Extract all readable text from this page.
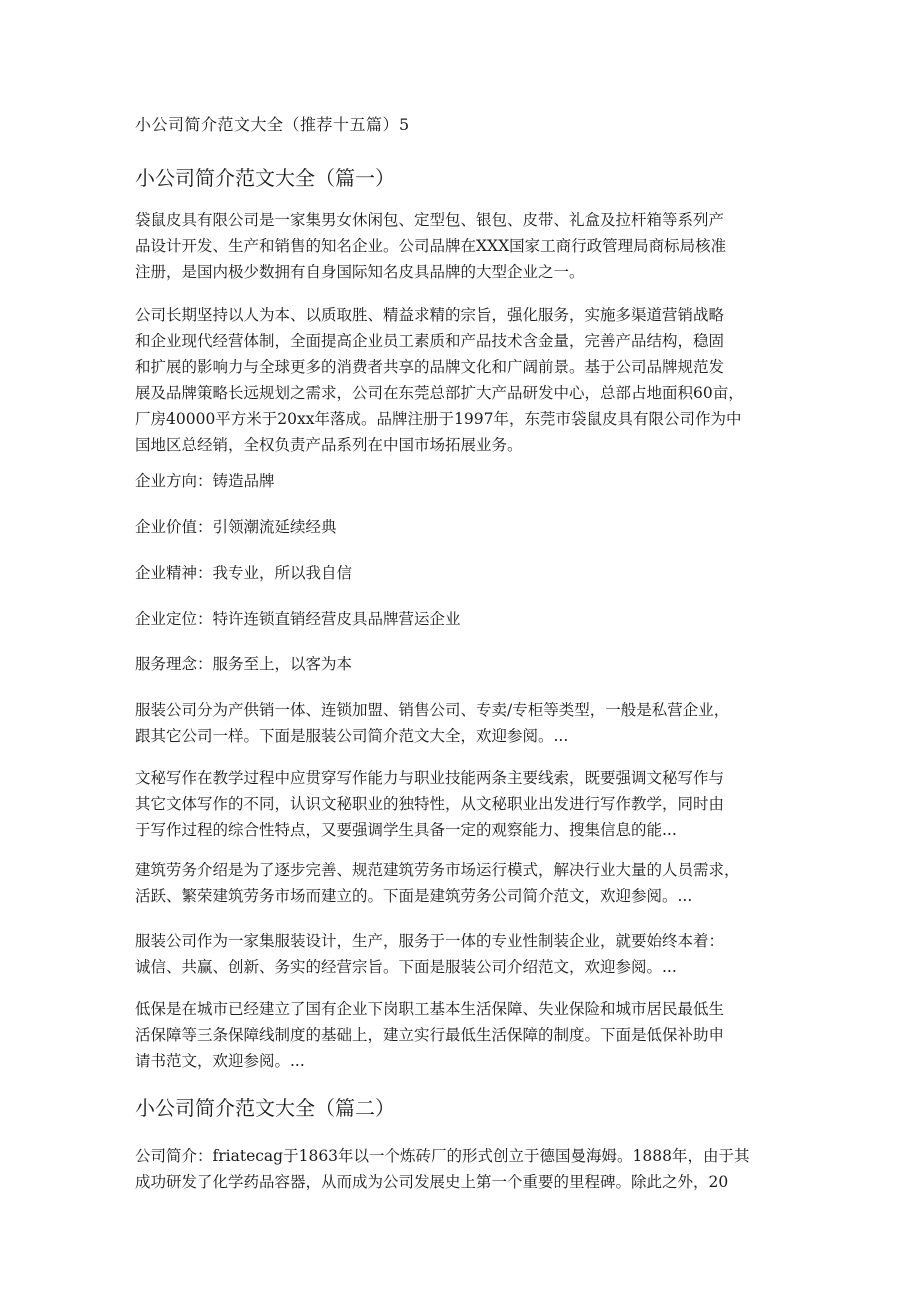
小公司简介范文大全（推荐十五篇）5
小公司简介范文大全（篇一）
袋鼠皮具有限公司是一家集男女休闲包、定型包、银包、皮带、礼盒及拉杆箱等系列产
品设计开发、生产和销售的知名企业。公司品牌在XXX国家工商行政管理局商标局核准
注册，是国内极少数拥有自身国际知名皮具品牌的大型企业之一。
公司长期坚持以人为本、以质取胜、精益求精的宗旨，强化服务，实施多渠道营销战略
和企业现代经营体制，全面提高企业员工素质和产品技术含金量，完善产品结构，稳固
和扩展的影响力与全球更多的消费者共享的品牌文化和广阔前景。基于公司品牌规范发
展及品牌策略长远规划之需求，公司在东莞总部扩大产品研发中心，总部占地面积60亩，
厂房40000平方米于20xx年落成。品牌注册于1997年，东莞市袋鼠皮具有限公司作为中
国地区总经销，全权负责产品系列在中国市场拓展业务。
企业方向：铸造品牌
企业价值：引领潮流延续经典
企业精神：我专业，所以我自信
企业定位：特许连锁直销经营皮具品牌营运企业
服务理念：服务至上，以客为本
服装公司分为产供销一体、连锁加盟、销售公司、专卖/专柜等类型，一般是私营企业，
跟其它公司一样。下面是服装公司简介范文大全，欢迎参阅。...
文秘写作在教学过程中应贯穿写作能力与职业技能两条主要线索，既要强调文秘写作与
其它文体写作的不同，认识文秘职业的独特性，从文秘职业出发进行写作教学，同时由
于写作过程的综合性特点，又要强调学生具备一定的观察能力、搜集信息的能...
建筑劳务介绍是为了逐步完善、规范建筑劳务市场运行模式，解决行业大量的人员需求，
活跃、繁荣建筑劳务市场而建立的。下面是建筑劳务公司简介范文，欢迎参阅。...
服装公司作为一家集服装设计，生产，服务于一体的专业性制装企业，就要始终本着：
诚信、共赢、创新、务实的经营宗旨。下面是服装公司介绍范文，欢迎参阅。...
低保是在城市已经建立了国有企业下岗职工基本生活保障、失业保险和城市居民最低生
活保障等三条保障线制度的基础上，建立实行最低生活保障的制度。下面是低保补助申
请书范文，欢迎参阅。...
小公司简介范文大全（篇二）
公司简介：friatecag于1863年以一个炼砖厂的形式创立于德国曼海姆。1888年，由于其
成功研发了化学药品容器，从而成为公司发展史上第一个重要的里程碑。除此之外，20
